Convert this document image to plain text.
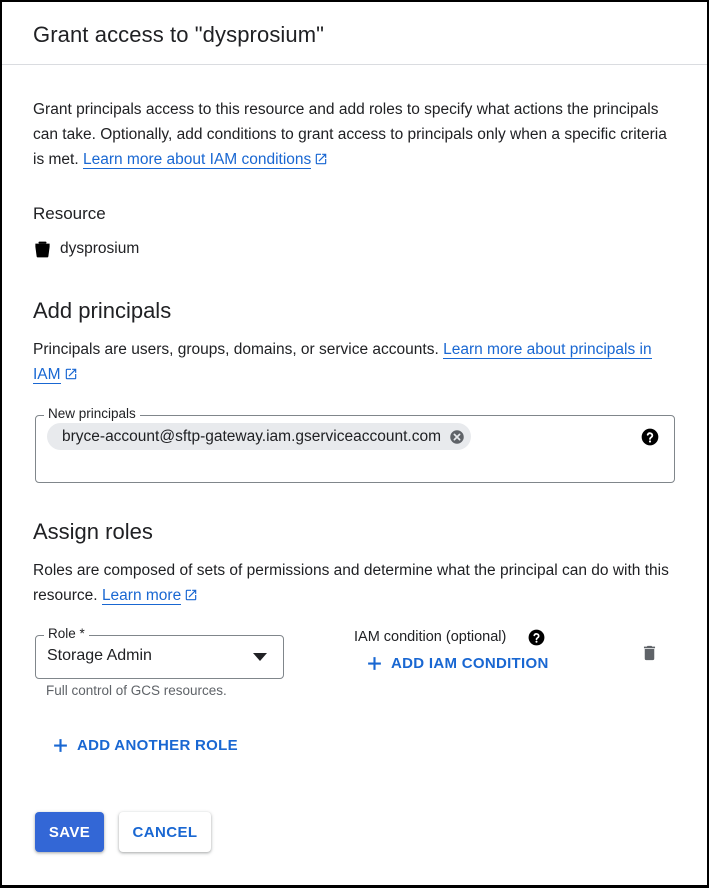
Grant access to "dysprosium"
Grant principals access to this resource and add roles to specify what actions the principals can take. Optionally, add conditions to grant access to principals only when a specific criteria is met. Learn more about IAM conditions
Resource
dysprosium
Add principals
Principals are users, groups, domains, or service accounts. Learn more about principals in IAM
New principals
bryce-account@sftp-gateway.iam.gserviceaccount.com
Assign roles
Roles are composed of sets of permissions and determine what the principal can do with this resource. Learn more
Role *
Storage Admin
Full control of GCS resources.
IAM condition (optional)
ADD IAM CONDITION
ADD ANOTHER ROLE
SAVE	CANCEL
